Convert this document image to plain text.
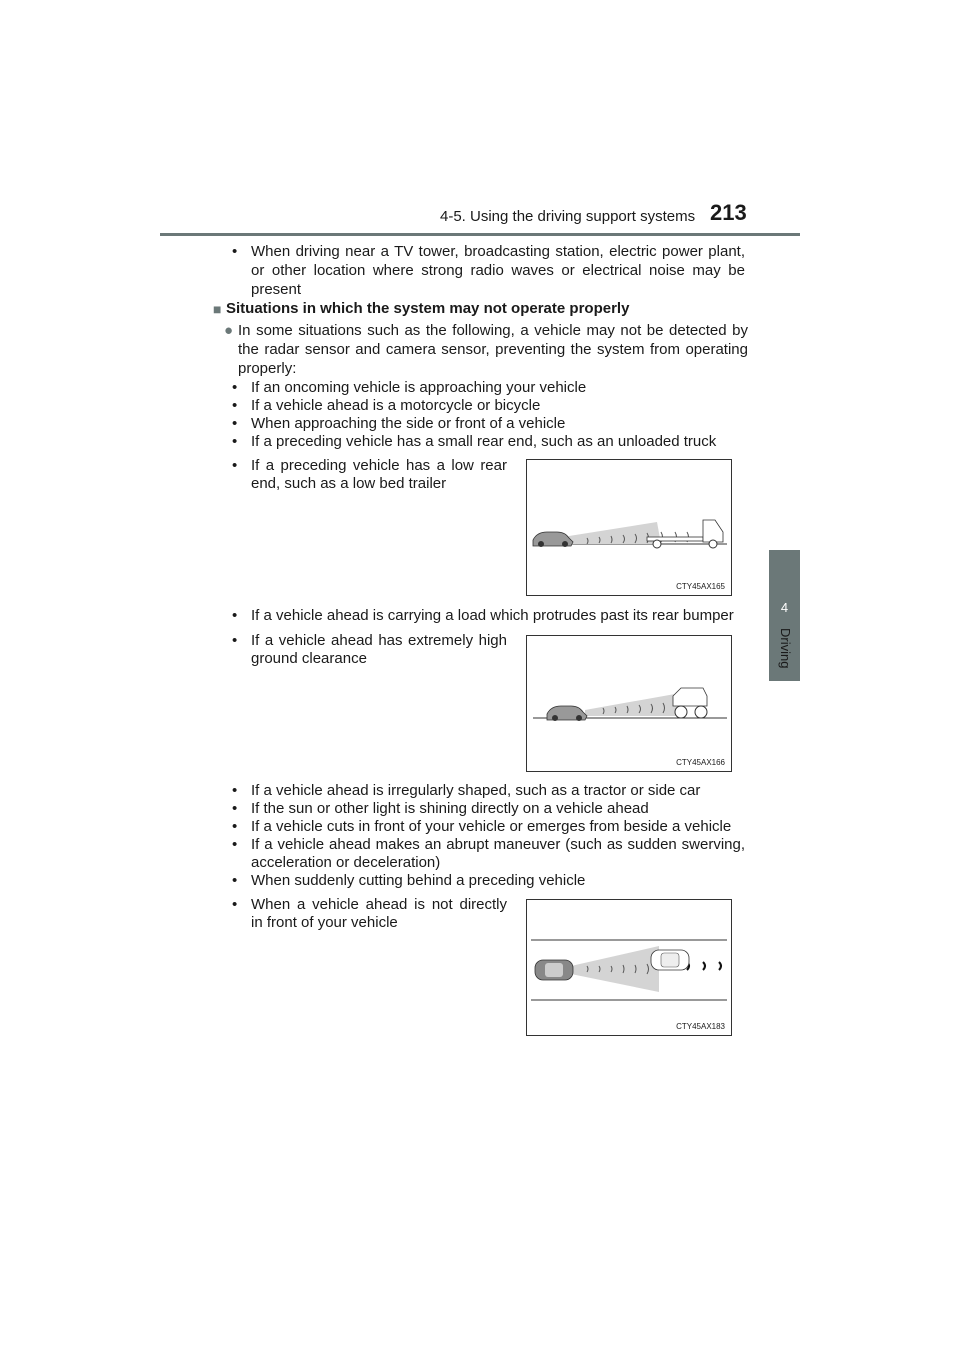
4-5. Using the driving support systems 213
4
Driving
• When driving near a TV tower, broadcasting station, electric power plant,
or other location where strong radio waves or electrical noise may be
present
■ Situations in which the system may not operate properly
● In some situations such as the following, a vehicle may not be detected by
the radar sensor and camera sensor, preventing the system from operating
properly:
• If an oncoming vehicle is approaching your vehicle
• If a vehicle ahead is a motorcycle or bicycle
• When approaching the side or front of a vehicle
• If a preceding vehicle has a small rear end, such as an unloaded truck
• If a preceding vehicle has a low rear
end, such as a low bed trailer
CTY45AX165
• If a vehicle ahead is carrying a load which protrudes past its rear bumper
• If a vehicle ahead has extremely high
ground clearance
CTY45AX166
• If a vehicle ahead is irregularly shaped, such as a tractor or side car
• If the sun or other light is shining directly on a vehicle ahead
• If a vehicle cuts in front of your vehicle or emerges from beside a vehicle
• If a vehicle ahead makes an abrupt maneuver (such as sudden swerving,
acceleration or deceleration)
• When suddenly cutting behind a preceding vehicle
• When a vehicle ahead is not directly
in front of your vehicle
CTY45AX183
